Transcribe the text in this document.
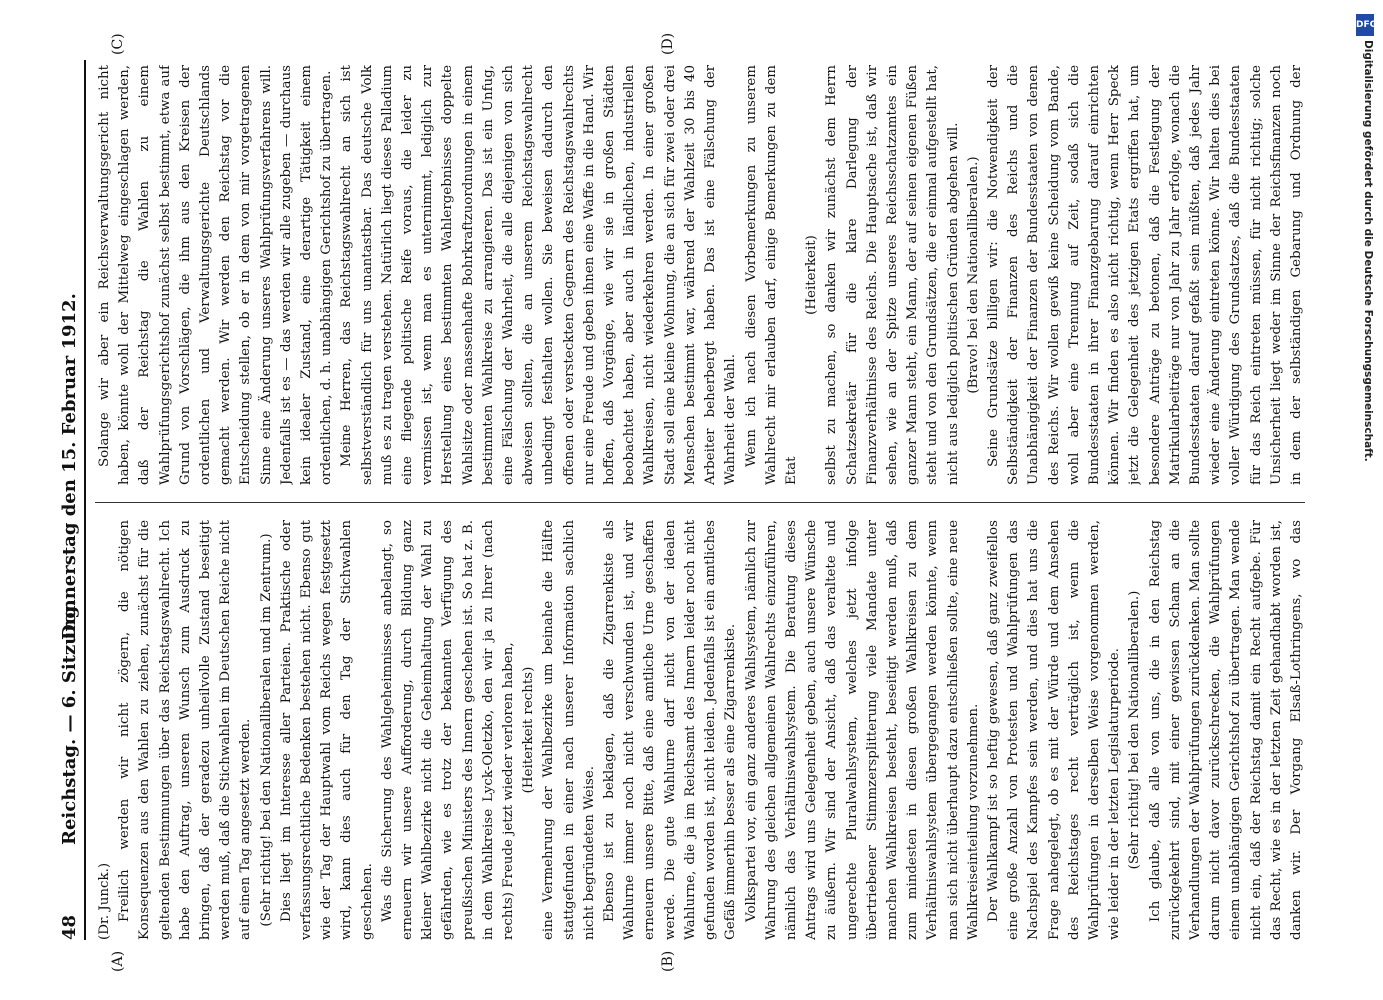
48
Reichstag. — 6. Sitzung.
Donnerstag den 15. Februar 1912.
(A)	(B)
(C)	(D)

(Dr. Junck.) Freilich werden wir nicht zögern, die nötigen Konsequenzen aus den Wahlen zu ziehen, zunächst für die geltenden Bestimmungen über das Reichstagswahlrecht. Ich habe den Auftrag, unseren Wunsch zum Ausdruck zu bringen, daß der geradezu unheilvolle Zustand beseitigt werden muß, daß die Stichwahlen im Deutschen Reiche nicht auf einen Tag angesetzt werden. (Sehr richtig! bei den Nationalliberalen und im Zentrum.) Dies liegt im Interesse aller Parteien. Praktische oder verfassungsrechtliche Bedenken bestehen nicht. Ebenso gut wie der Tag der Hauptwahl vom Reichs wegen festgesetzt wird, kann dies auch für den Tag der Stichwahlen geschehen. Was die Sicherung des Wahlgeheimnisses anbelangt, so erneuern wir unsere Aufforderung, durch Bildung ganz kleiner Wahlbezirke nicht die Geheimhaltung der Wahl zu gefährden, wie es trotz der bekannten Verfügung des preußischen Ministers des Innern geschehen ist. So hat z. B. in dem Wahlkreise Lyck-Oletzko, den wir ja zu Ihrer (nach rechts) Freude jetzt wieder verloren haben, (Heiterkeit rechts) eine Vermehrung der Wahlbezirke um beinahe die Hälfte stattgefunden in einer nach unserer Information sachlich nicht begründeten Weise. Ebenso ist zu beklagen, daß die Zigarrenkiste als Wahlurne immer noch nicht verschwunden ist, und wir erneuern unsere Bitte, daß eine amtliche Urne geschaffen werde. Die gute Wahlurne darf nicht von der idealen Wahlurne, die ja im Reichsamt des Innern leider noch nicht gefunden worden ist, nicht leiden. Jedenfalls ist ein amtliches Gefäß immerhin besser als eine Zigarrenkiste. Volkspartei vor, ein ganz anderes Wahlsystem, nämlich zur Wahrung des gleichen allgemeinen Wahlrechts einzuführen, nämlich das Verhältniswahlsystem. Die Beratung dieses Antrags wird uns Gelegenheit geben, auch unsere Wünsche zu äußern. Wir sind der Ansicht, daß das veraltete und ungerechte Pluralwahlsystem, welches jetzt infolge übertriebener Stimmzersplitterung viele Mandate unter manchen Wahlkreisen besteht, beseitigt werden muß, daß zum mindesten in diesen großen Wahlkreisen zu dem Verhältniswahlsystem übergegangen werden könnte, wenn man sich nicht überhaupt dazu entschließen sollte, eine neue Wahlkreiseinteilung vorzunehmen. Der Wahlkampf ist so heftig gewesen, daß ganz zweifellos eine große Anzahl von Protesten und Wahlprüfungen das Nachspiel des Kampfes sein werden, und dies hat uns die Frage nahegelegt, ob es mit der Würde und dem Ansehen des Reichstages recht verträglich ist, wenn die Wahlprüfungen in derselben Weise vorgenommen werden, wie leider in der letzten Legislaturperiode. (Sehr richtig! bei den Nationalliberalen.)

Ich glaube, daß alle von uns, die in den Reichstag zurückgekehrt sind, mit einer gewissen Scham an die Verhandlungen der Wahlprüfungen zurückdenken. Man sollte darum nicht davor zurückschrecken, die Wahlprüfungen einem unabhängigen Gerichtshof zu übertragen. Man wende nicht ein, daß der Reichstag damit ein Recht aufgebe. Für das Recht, wie es in der letzten Zeit gehandhabt worden ist, danken wir. Der Vorgang Elsaß-Lothringens, wo das

Solange wir aber ein Reichsverwaltungsgericht nicht haben, könnte wohl der Mittelweg eingeschlagen werden, daß der Reichstag die Wahlen zu einem Wahlprüfungsgerichtshof zunächst selbst bestimmt, etwa auf Grund von Vorschlägen, die ihm aus den Kreisen der ordentlichen und Verwaltungsgerichte Deutschlands gemacht werden. Wir werden den Reichstag vor die Entscheidung stellen, ob er in dem von mir vorgetragenen Sinne eine Änderung unseres Wahlprüfungsverfahrens will. Jedenfalls ist es — das werden wir alle zugeben — durchaus kein idealer Zustand, eine derartige Tätigkeit einem ordentlichen, d. h. unabhängigen Gerichtshof zu übertragen. Meine Herren, das Reichstagswahlrecht an sich ist selbstverständlich für uns unantastbar. Das deutsche Volk muß es zu tragen verstehen. Natürlich liegt dieses Palladium eine fliegende politische Reife voraus, die leider zu vermissen ist, wenn man es unternimmt, lediglich zur Herstellung eines bestimmten Wahlergebnisses doppelte Wahlsitze oder massenhafte Bohrkraftzuordnungen in einem bestimmten Wahlkreise zu arrangieren. Das ist ein Unfug, eine Fälschung der Wahrheit, die alle diejenigen von sich abweisen sollten, die an unserem Reichstagswahlrecht unbedingt festhalten wollen. Sie beweisen dadurch den offenen oder versteckten Gegnern des Reichstagswahlrechts nur eine Freude und geben ihnen eine Waffe in die Hand. Wir hoffen, daß Vorgänge, wie wir sie in großen Städten beobachtet haben, aber auch in ländlichen, industriellen Wahlkreisen, nicht wiederkehren werden. In einer großen Stadt soll eine kleine Wohnung, die an sich für zwei oder drei Menschen bestimmt war, während der Wahlzeit 30 bis 40 Arbeiter beherbergt haben. Das ist eine Fälschung der Wahrheit der Wahl. Wenn ich nach diesen Vorbemerkungen zu unserem Wahlrecht mir erlauben darf, einige Bemerkungen zu dem Etat

(Heiterkeit) selbst zu machen, so danken wir zunächst dem Herrn Schatzsekretär für die klare Darlegung der Finanzverhältnisse des Reichs. Die Hauptsache ist, daß wir sehen, wie an der Spitze unseres Reichsschatzamtes ein ganzer Mann steht, ein Mann, der auf seinen eigenen Füßen steht und von den Grundsätzen, die er einmal aufgestellt hat, nicht aus lediglich politischen Gründen abgehen will. (Bravo! bei den Nationalliberalen.)

Seine Grundsätze billigen wir: die Notwendigkeit der Selbständigkeit der Finanzen des Reichs und die Unabhängigkeit der Finanzen der Bundesstaaten von denen des Reichs. Wir wollen gewiß keine Scheidung vom Bande, wohl aber eine Trennung auf Zeit, sodaß sich die Bundesstaaten in ihrer Finanzgebarung darauf einrichten können. Wir finden es also nicht richtig, wenn Herr Speck jetzt die Gelegenheit des jetzigen Etats ergriffen hat, um besondere Anträge zu betonen, daß die Festlegung der Matrikularbeiträge nur von Jahr zu Jahr erfolge, wonach die Bundesstaaten darauf gefaßt sein müßten, daß jedes Jahr wieder eine Änderung eintreten könne. Wir halten dies bei voller Würdigung des Grundsatzes, daß die Bundesstaaten für das Reich eintreten müssen, für nicht richtig; solche Unsicherheit liegt weder im Sinne der Reichsfinanzen noch in dem der selbständigen Gebarung und Ordnung der

DFG
Digitalisierung gefördert durch die Deutsche Forschungsgemeinschaft.
